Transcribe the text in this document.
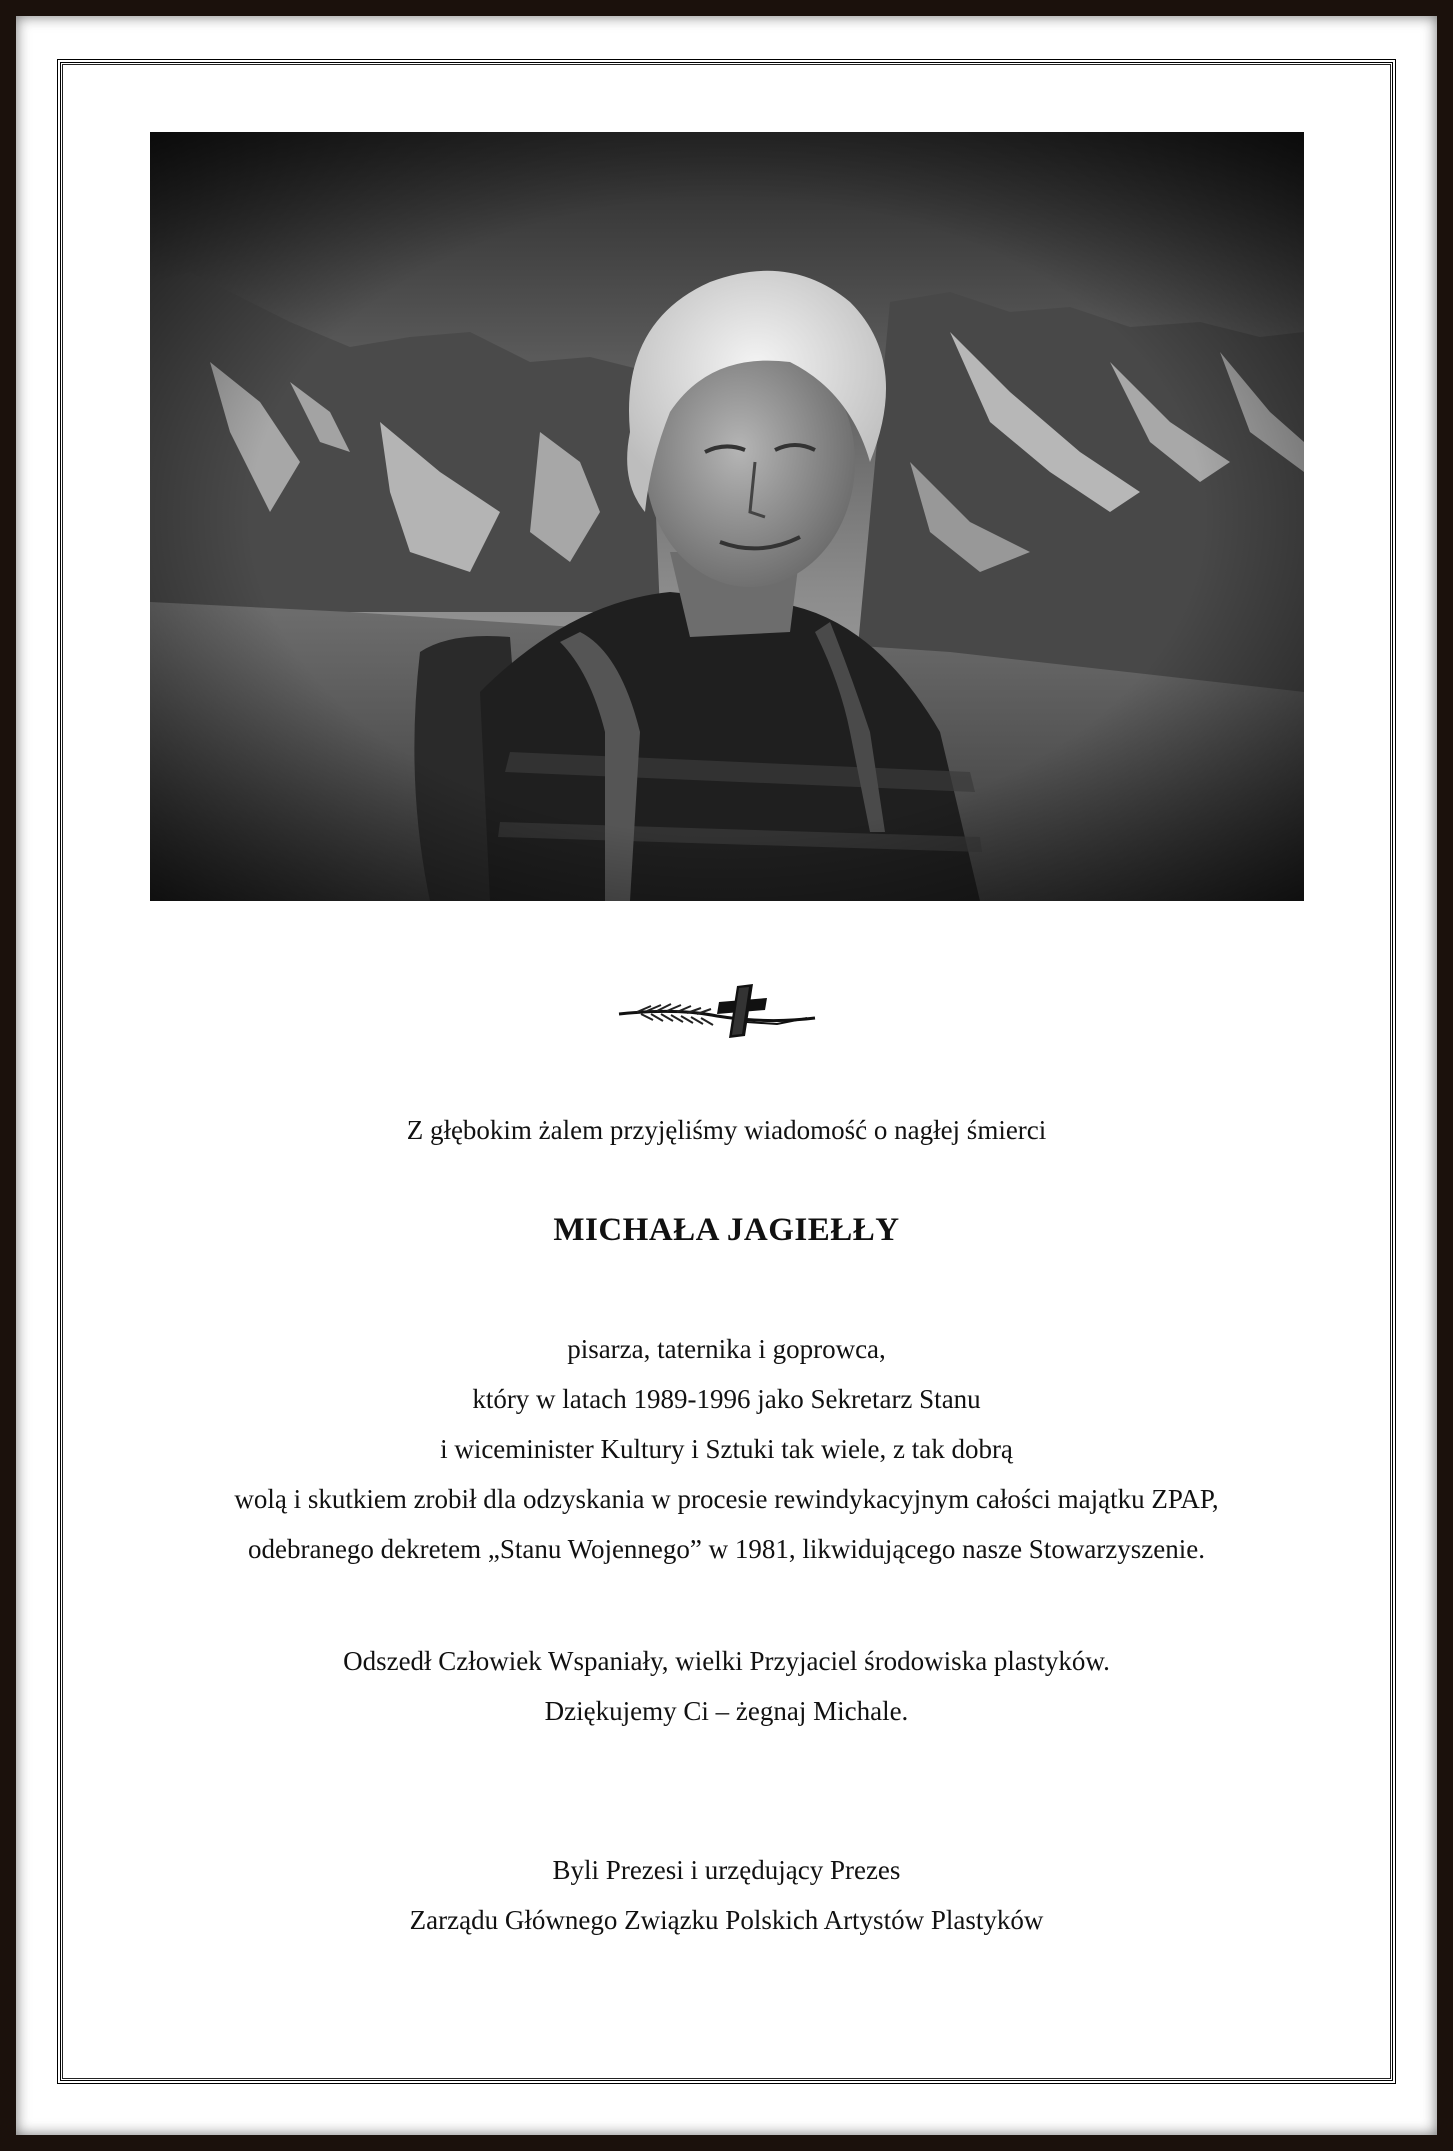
Z głębokim żalem przyjęliśmy wiadomość o nagłej śmierci
MICHAŁA JAGIEŁŁY
pisarza, taternika i goprowca,
który w latach 1989-1996 jako Sekretarz Stanu
i wiceminister Kultury i Sztuki tak wiele, z tak dobrą
wolą i skutkiem zrobił dla odzyskania w procesie rewindykacyjnym całości majątku ZPAP,
odebranego dekretem „Stanu Wojennego” w 1981, likwidującego nasze Stowarzyszenie.
Odszedł Człowiek Wspaniały, wielki Przyjaciel środowiska plastyków.
Dziękujemy Ci – żegnaj Michale.
Byli Prezesi i urzędujący Prezes
Zarządu Głównego Związku Polskich Artystów Plastyków
